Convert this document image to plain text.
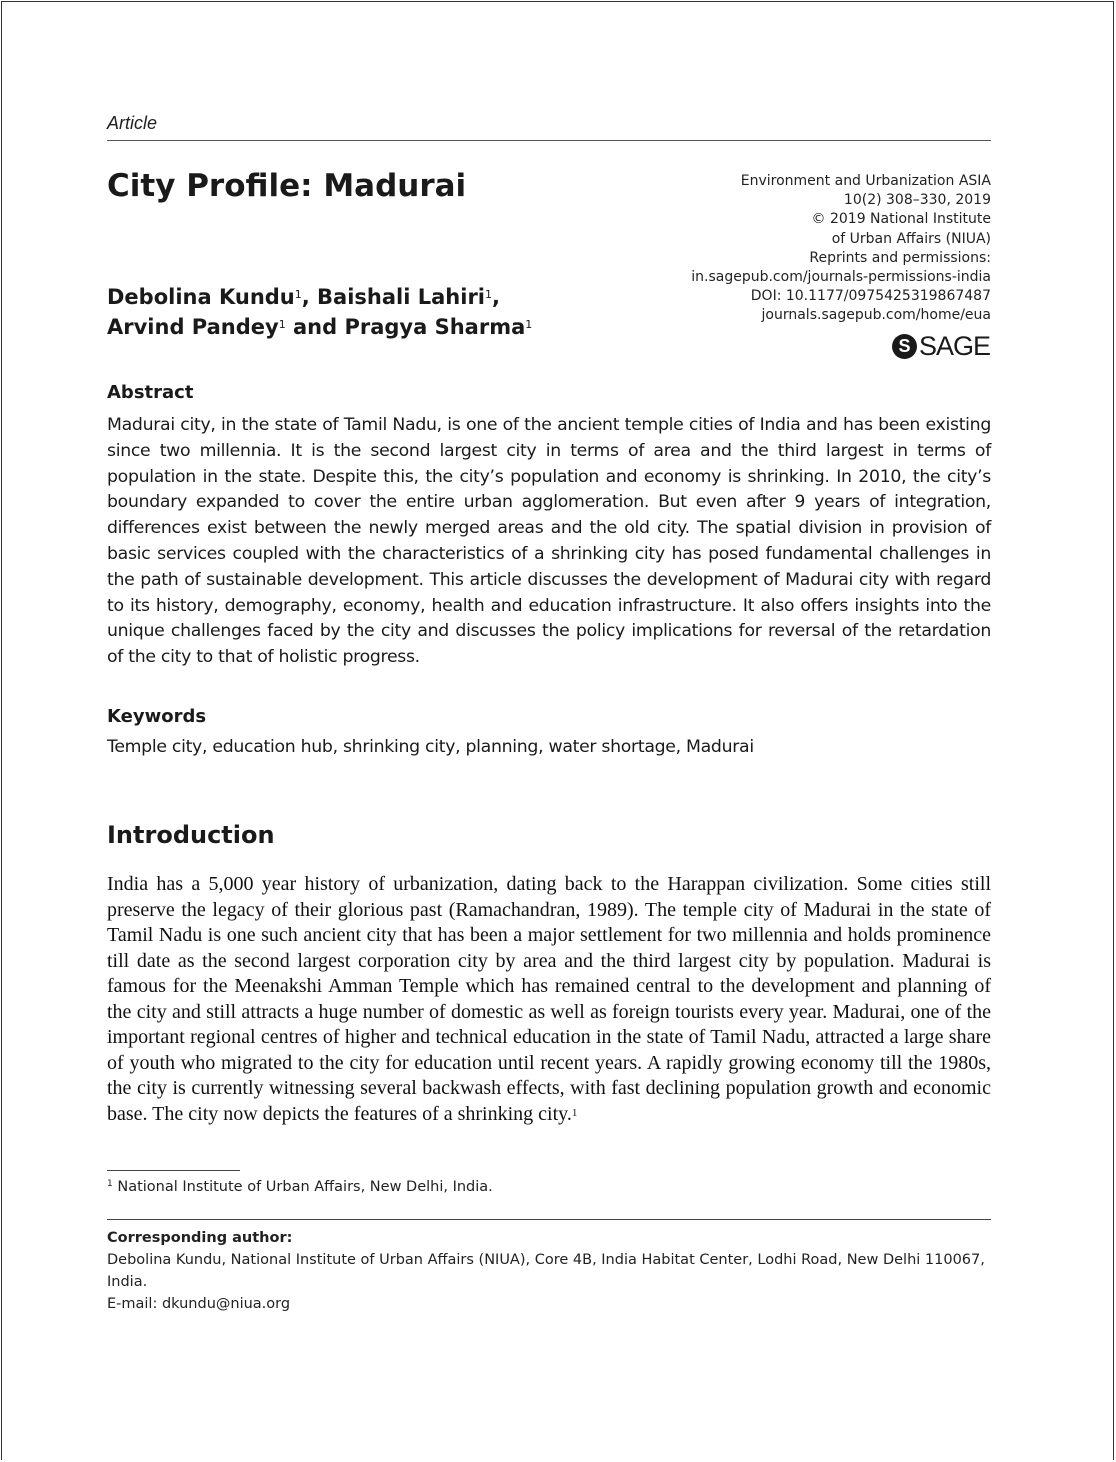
Article
City Profile: Madurai	Environment and Urbanization ASIA
10(2) 308–330, 2019
© 2019 National Institute
of Urban Affairs (NIUA)
Reprints and permissions:
in.sagepub.com/journals-permissions-india
DOI: 10.1177/0975425319867487
journals.sagepub.com/home/eua
S SAGE
Debolina Kundu$^1$, Baishali Lahiri$^1$,
Arvind Pandey$^1$ and Pragya Sharma$^1$
Abstract
Madurai city, in the state of Tamil Nadu, is one of the ancient temple cities of India and has been existing since two millennia. It is the second largest city in terms of area and the third largest in terms of population in the state. Despite this, the city’s population and economy is shrinking. In 2010, the city’s boundary expanded to cover the entire urban agglomeration. But even after 9 years of integration, differences exist between the newly merged areas and the old city. The spatial division in provision of basic services coupled with the characteristics of a shrinking city has posed fundamental challenges in the path of sustainable development. This article discusses the development of Madurai city with regard to its history, demography, economy, health and education infrastructure. It also offers insights into the unique challenges faced by the city and discusses the policy implications for reversal of the retardation of the city to that of holistic progress.
Keywords
Temple city, education hub, shrinking city, planning, water shortage, Madurai
Introduction
India has a 5,000 year history of urbanization, dating back to the Harappan civilization. Some cities still preserve the legacy of their glorious past (Ramachandran, 1989). The temple city of Madurai in the state of Tamil Nadu is one such ancient city that has been a major settlement for two millennia and holds prominence till date as the second largest corporation city by area and the third largest city by population. Madurai is famous for the Meenakshi Amman Temple which has remained central to the development and planning of the city and still attracts a huge number of domestic as well as foreign tourists every year. Madurai, one of the important regional centres of higher and technical education in the state of Tamil Nadu, attracted a large share of youth who migrated to the city for education until recent years. A rapidly growing economy till the 1980s, the city is currently witnessing several backwash effects, with fast declining population growth and economic base. The city now depicts the features of a shrinking city.$^1$
$^1$ National Institute of Urban Affairs, New Delhi, India.
Corresponding author:
Debolina Kundu, National Institute of Urban Affairs (NIUA), Core 4B, India Habitat Center, Lodhi Road, New Delhi 110067,
India.
E-mail: dkundu@niua.org
